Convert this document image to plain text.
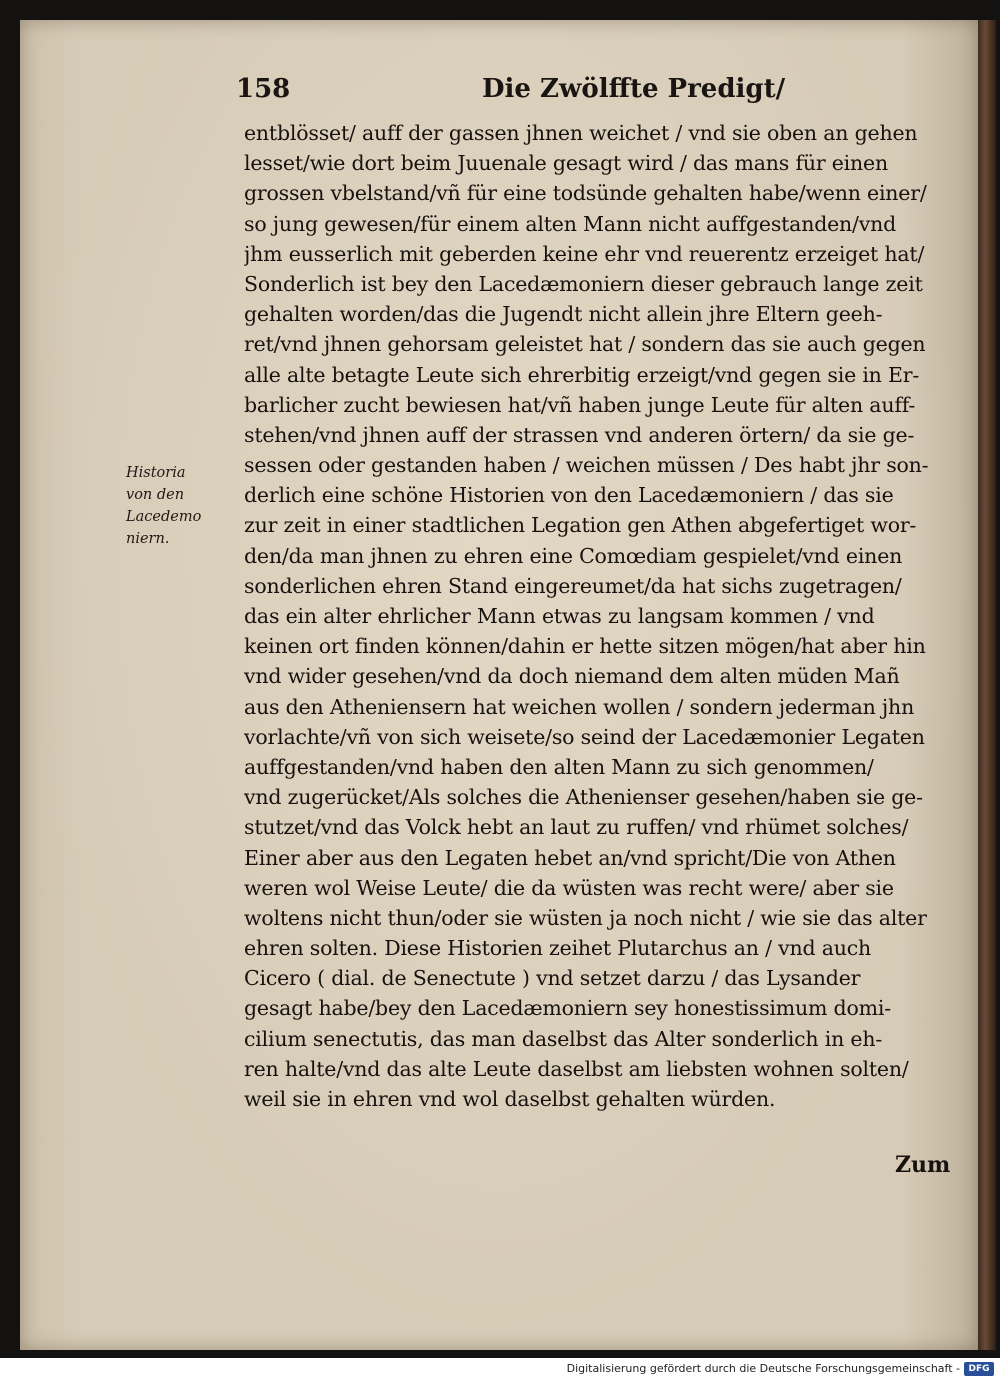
158	Die Zwölffte Predigt/
Historia
von den
Lacedemo
niern.
entblösset/ auff der gassen jhnen weichet / vnd sie oben an gehen
lesset/wie dort beim Juuenale gesagt wird / das mans für einen
grossen vbelstand/vñ für eine todsünde gehalten habe/wenn einer/
so jung gewesen/für einem alten Mann nicht auffgestanden/vnd
jhm eusserlich mit geberden keine ehr vnd reuerentz erzeiget hat/
Sonderlich ist bey den Lacedæmoniern dieser gebrauch lange zeit
gehalten worden/das die Jugendt nicht allein jhre Eltern geeh-
ret/vnd jhnen gehorsam geleistet hat / sondern das sie auch gegen
alle alte betagte Leute sich ehrerbitig erzeigt/vnd gegen sie in Er-
barlicher zucht bewiesen hat/vñ haben junge Leute für alten auff-
stehen/vnd jhnen auff der strassen vnd anderen örtern/ da sie ge-
sessen oder gestanden haben / weichen müssen / Des habt jhr son-
derlich eine schöne Historien von den Lacedæmoniern / das sie
zur zeit in einer stadtlichen Legation gen Athen abgefertiget wor-
den/da man jhnen zu ehren eine Comœdiam gespielet/vnd einen
sonderlichen ehren Stand eingereumet/da hat sichs zugetragen/
das ein alter ehrlicher Mann etwas zu langsam kommen / vnd
keinen ort finden können/dahin er hette sitzen mögen/hat aber hin
vnd wider gesehen/vnd da doch niemand dem alten müden Mañ
aus den Atheniensern hat weichen wollen / sondern jederman jhn
vorlachte/vñ von sich weisete/so seind der Lacedæmonier Legaten
auffgestanden/vnd haben den alten Mann zu sich genommen/
vnd zugerücket/Als solches die Athenienser gesehen/haben sie ge-
stutzet/vnd das Volck hebt an laut zu ruffen/ vnd rhümet solches/
Einer aber aus den Legaten hebet an/vnd spricht/Die von Athen
weren wol Weise Leute/ die da wüsten was recht were/ aber sie
woltens nicht thun/oder sie wüsten ja noch nicht / wie sie das alter
ehren solten. Diese Historien zeihet Plutarchus an / vnd auch
Cicero ( dial. de Senectute ) vnd setzet darzu / das Lysander
gesagt habe/bey den Lacedæmoniern sey honestissimum domi-
cilium senectutis, das man daselbst das Alter sonderlich in eh-
ren halte/vnd das alte Leute daselbst am liebsten wohnen solten/
weil sie in ehren vnd wol daselbst gehalten würden.
Zum
Digitalisierung gefördert durch die Deutsche Forschungsgemeinschaft - DFG
